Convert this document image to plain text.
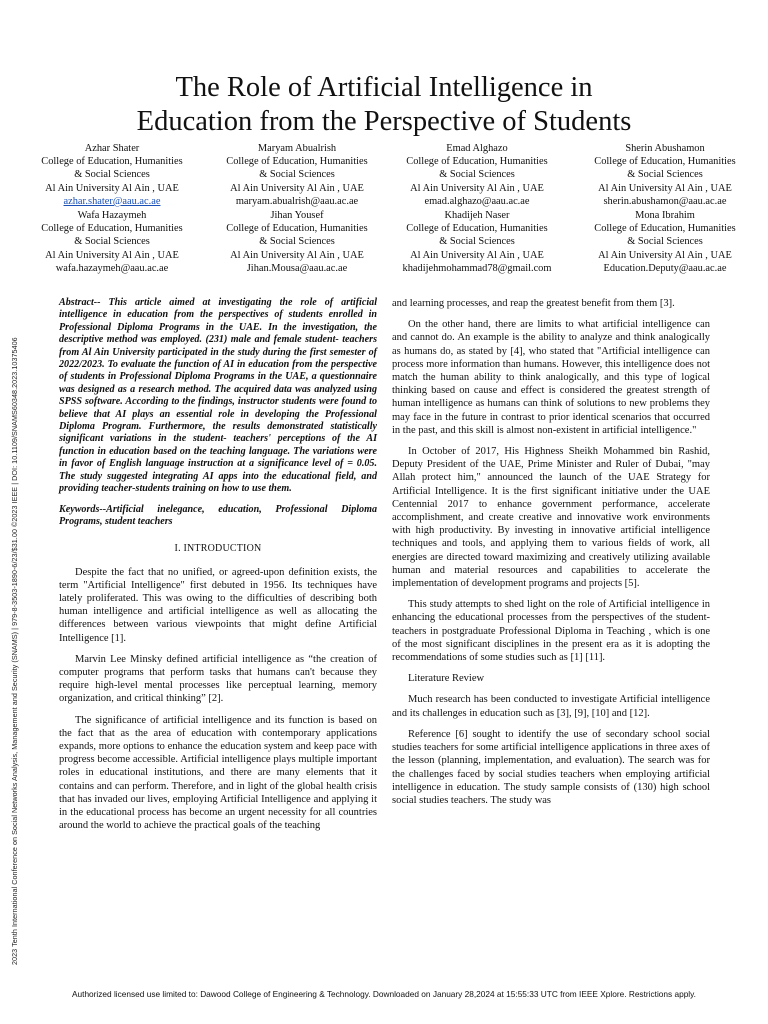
2023 Tenth International Conference on Social Networks Analysis, Management and Security (SNAMS) | 979-8-3503-1890-6/23/$31.00 ©2023 IEEE | DOI: 10.1109/SNAMS60348.2023.10375406
The Role of Artificial Intelligence in
Education from the Perspective of Students
Azhar Shater
College of Education, Humanities
& Social Sciences
Al Ain University Al Ain , UAE
azhar.shater@aau.ac.ae
Maryam Abualrish
College of Education, Humanities
& Social Sciences
Al Ain University Al Ain , UAE
maryam.abualrish@aau.ac.ae
Emad Alghazo
College of Education, Humanities
& Social Sciences
Al Ain University Al Ain , UAE
emad.alghazo@aau.ac.ae
Sherin Abushamon
College of Education, Humanities
& Social Sciences
Al Ain University Al Ain , UAE
sherin.abushamon@aau.ac.ae
Wafa Hazaymeh
College of Education, Humanities
& Social Sciences
Al Ain University Al Ain , UAE
wafa.hazaymeh@aau.ac.ae
Jihan Yousef
College of Education, Humanities
& Social Sciences
Al Ain University Al Ain , UAE
Jihan.Mousa@aau.ac.ae
Khadijeh Naser
College of Education, Humanities
& Social Sciences
Al Ain University Al Ain , UAE
khadijehmohammad78@gmail.com
Mona Ibrahim
College of Education, Humanities
& Social Sciences
Al Ain University Al Ain , UAE
Education.Deputy@aau.ac.ae

Abstract-- This article aimed at investigating the role of artificial intelligence in education from the perspectives of students enrolled in Professional Diploma Programs in the UAE. In the investigation, the descriptive method was employed. (231) male and female student- teachers from Al Ain University participated in the study during the first semester of 2022/2023. To evaluate the function of AI in education from the perspective of students in Professional Diploma Programs in the UAE, a questionnaire was designed as a research method. The acquired data was analyzed using SPSS software. According to the findings, instructor students were found to believe that AI plays an essential role in developing the Professional Diploma Program. Furthermore, the results demonstrated statistically significant variations in the student- teachers' perceptions of the AI function in education based on the teaching language. The variations were in favor of English language instruction at a significance level of = 0.05. The study suggested integrating AI apps into the educational field, and providing teacher-students training on how to use them.

Keywords--Artificial inelegance, education, Professional Diploma Programs, student teachers

I. INTRODUCTION

Despite the fact that no unified, or agreed-upon definition exists, the term "Artificial Intelligence" first debuted in 1956. Its techniques have lately proliferated. This was owing to the difficulties of describing both human intelligence and artificial intelligence as well as allocating the differences between various viewpoints that might define Artificial Intelligence [1].

Marvin Lee Minsky defined artificial intelligence as “the creation of computer programs that perform tasks that humans can't because they require high-level mental processes like perceptual learning, memory organization, and critical thinking” [2].

The significance of artificial intelligence and its function is based on the fact that as the area of education with contemporary applications expands, more options to enhance the education system and keep pace with progress become accessible. Artificial intelligence plays multiple important roles in educational institutions, and there are many elements that it contains and can perform. Therefore, and in light of the global health crisis that has invaded our lives, employing Artificial Intelligence and applying it in the educational process has become an urgent necessity for all countries around the world to achieve the practical goals of the teaching

and learning processes, and reap the greatest benefit from them [3].

On the other hand, there are limits to what artificial intelligence can and cannot do. An example is the ability to analyze and think analogically as humans do, as stated by [4], who stated that "Artificial intelligence can process more information than humans. However, this intelligence does not match the human ability to think analogically, and this type of logical thinking based on cause and effect is considered the greatest strength of human intelligence as humans can think of solutions to new problems they may face in the future in contrast to prior identical scenarios that occurred in the past, and this skill is almost non-existent in artificial intelligence."

In October of 2017, His Highness Sheikh Mohammed bin Rashid, Deputy President of the UAE, Prime Minister and Ruler of Dubai, "may Allah protect him," announced the launch of the UAE Strategy for Artificial Intelligence. It is the first significant initiative under the UAE Centennial 2017 to enhance government performance, accelerate accomplishment, and create creative and innovative work environments with high productivity. By investing in innovative artificial intelligence techniques and tools, and applying them to various fields of work, all energies are directed toward maximizing and creatively utilizing available human and material resources and capabilities to accelerate the implementation of development programs and projects [5].

This study attempts to shed light on the role of Artificial intelligence in enhancing the educational processes from the perspectives of the student- teachers in postgraduate Professional Diploma in Teaching , which is one of the most significant disciplines in the present era as it is adopting the recommendations of some studies such as [1] [11].

Literature Review

Much research has been conducted to investigate Artificial intelligence and its challenges in education such as [3], [9], [10] and [12].

Reference [6] sought to identify the use of secondary school social studies teachers for some artificial intelligence applications in three axes of the lesson (planning, implementation, and evaluation). The search was for the challenges faced by social studies teachers when employing artificial intelligence in education. The study sample consists of (130) high school social studies teachers. The study was

Authorized licensed use limited to: Dawood College of Engineering & Technology. Downloaded on January 28,2024 at 15:55:33 UTC from IEEE Xplore. Restrictions apply.
